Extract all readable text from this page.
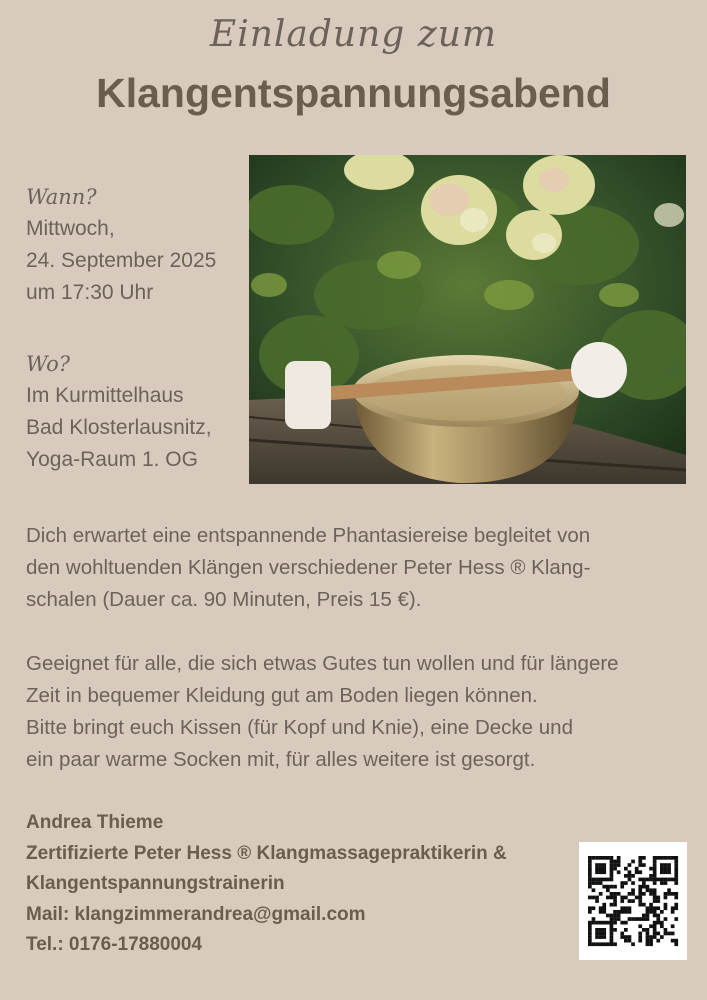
Einladung zum
Klangentspannungsabend
Wann?
Mittwoch,
24. September 2025
um 17:30 Uhr
Wo?
Im Kurmittelhaus
Bad Klosterlausnitz,
Yoga-Raum 1. OG
Dich erwartet eine entspannende Phantasiereise begleitet von
den wohltuenden Klängen verschiedener Peter Hess ® Klang-
schalen (Dauer ca. 90 Minuten, Preis 15 €).
Geeignet für alle, die sich etwas Gutes tun wollen und für längere
Zeit in bequemer Kleidung gut am Boden liegen können.
Bitte bringt euch Kissen (für Kopf und Knie), eine Decke und
ein paar warme Socken mit, für alles weitere ist gesorgt.
Andrea Thieme
Zertifizierte Peter Hess ® Klangmassagepraktikerin &
Klangentspannungstrainerin
Mail: klangzimmerandrea@gmail.com
Tel.: 0176-17880004
